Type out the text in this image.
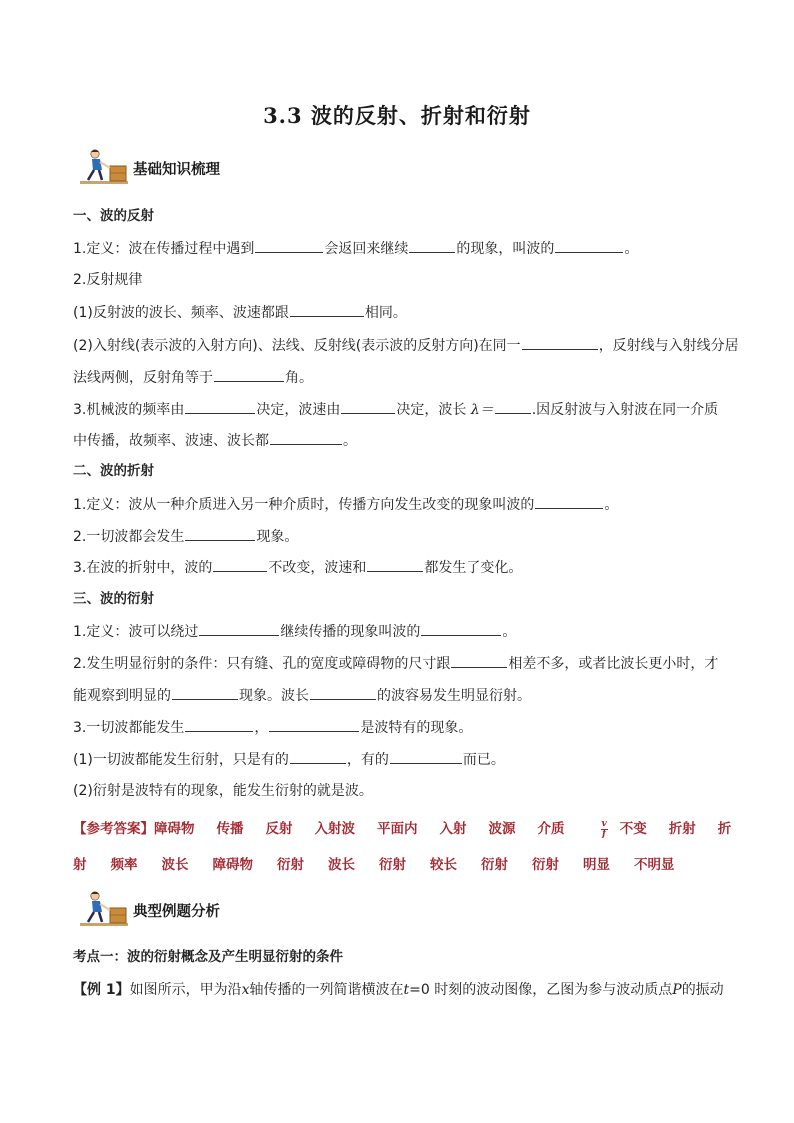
3.3 波的反射、折射和衍射
基础知识梳理
一、波的反射
1.定义：波在传播过程中遇到	会返回来继续	的现象，叫波的	。
2.反射规律
(1)反射波的波长、频率、波速都跟	相同。
(2)入射线(表示波的入射方向)、法线、反射线(表示波的反射方向)在同一	，反射线与入射线分居
法线两侧，反射角等于	角。
3.机械波的频率由	决定，波速由	决定，波长 λ＝	.因反射波与入射波在同一介质
中传播，故频率、波速、波长都	。
二、波的折射
1.定义：波从一种介质进入另一种介质时，传播方向发生改变的现象叫波的	。
2.一切波都会发生	现象。
3.在波的折射中，波的	不改变，波速和	都发生了变化。
三、波的衍射
1.定义：波可以绕过	继续传播的现象叫波的	。
2.发生明显衍射的条件：只有缝、孔的宽度或障碍物的尺寸跟	相差不多，或者比波长更小时，才
能观察到明显的	现象。波长	的波容易发生明显衍射。
3.一切波都能发生	，	是波特有的现象。
(1)一切波都能发生衍射，只是有的	，有的	而已。
(2)衍射是波特有的现象，能发生衍射的就是波。
【参考答案】障碍物 传播 反射 入射波 平面内 入射 波源 介质	$\frac{v}{f}$ 不变 折射 折
射 频率 波长 障碍物 衍射 波长 衍射 较长 衍射 衍射 明显 不明显
典型例题分析
考点一：波的衍射概念及产生明显衍射的条件
【例 1】如图所示，甲为沿x轴传播的一列简谐横波在t=0 时刻的波动图像，乙图为参与波动质点P的振动
